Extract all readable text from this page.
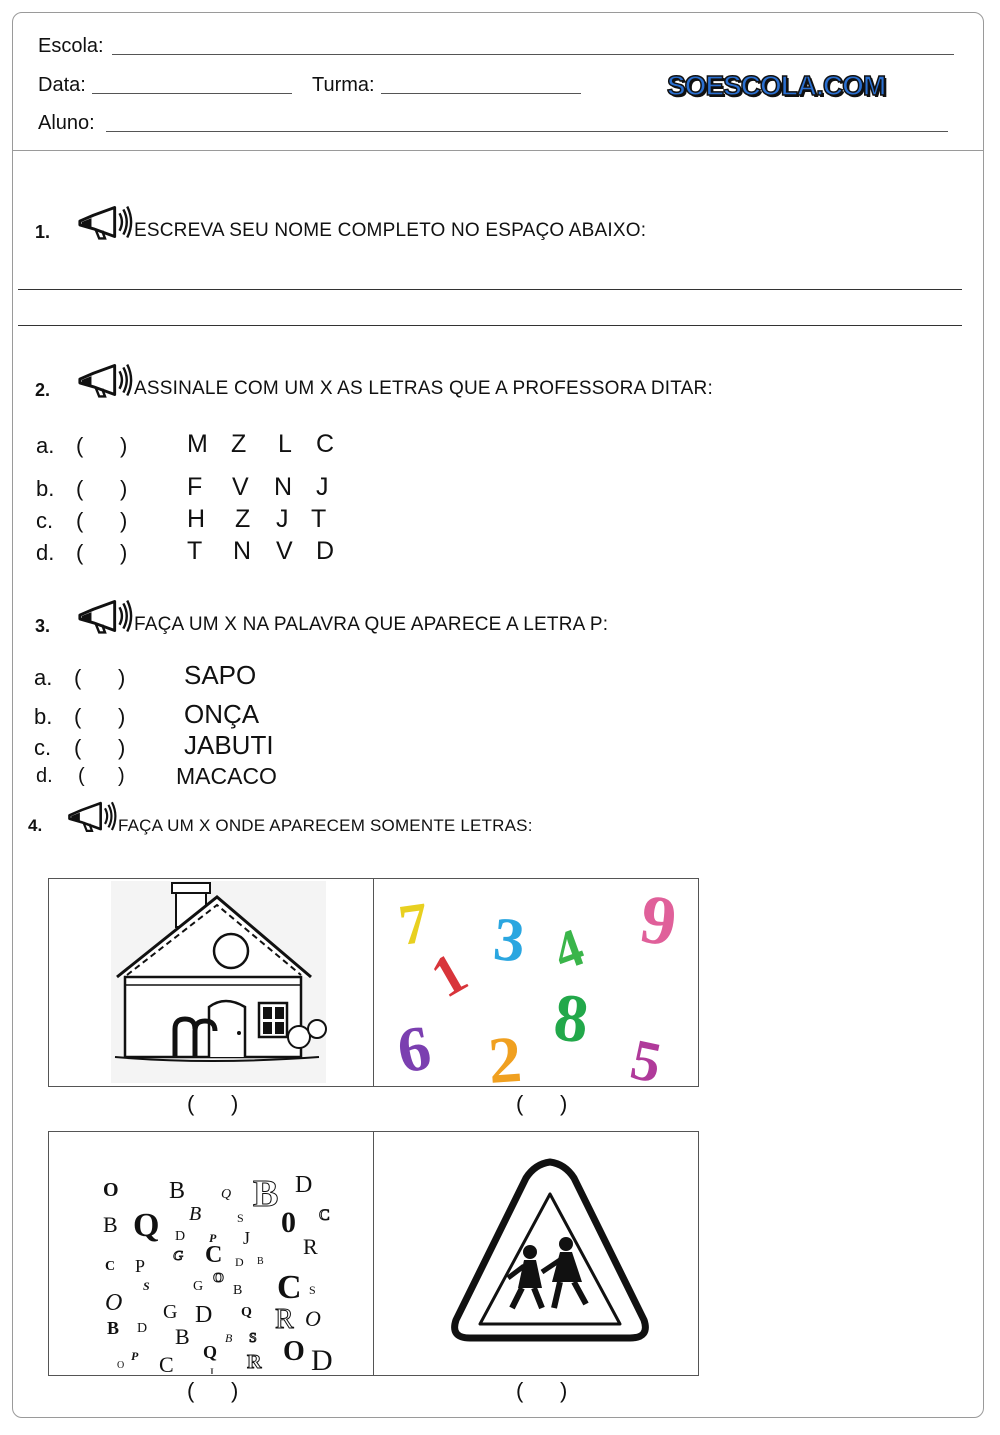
Escola:
Data:	Turma:	SOESCOLA.COM
Aluno:
1.	ESCREVA SEU NOME COMPLETO NO ESPAÇO ABAIXO:
2.	ASSINALE COM UM X AS LETRAS QUE A PROFESSORA DITAR:
a. (      ) M Z L C
b. (      ) F V N J
c. (      ) H Z J T
d. (      ) T N V D
3.	FAÇA UM X NA PALAVRA QUE APARECE A LETRA P:
a. (      ) SAPO
b. (      ) ONÇA
c. (      ) JABUTI
d. (      ) MACACO
4.	FAÇA UM X ONDE APARECEM SOMENTE LETRAS:
7 3 4 9
1
6 8
2 5
(      )	(      )
O B	Q B D
B Q B	S 0 C
D P J R
C P G C D B
C
O
G
O
B	S
S
G D Q R O
B D B
Q
B S O D
O
P C	J R
(      )	(      )
